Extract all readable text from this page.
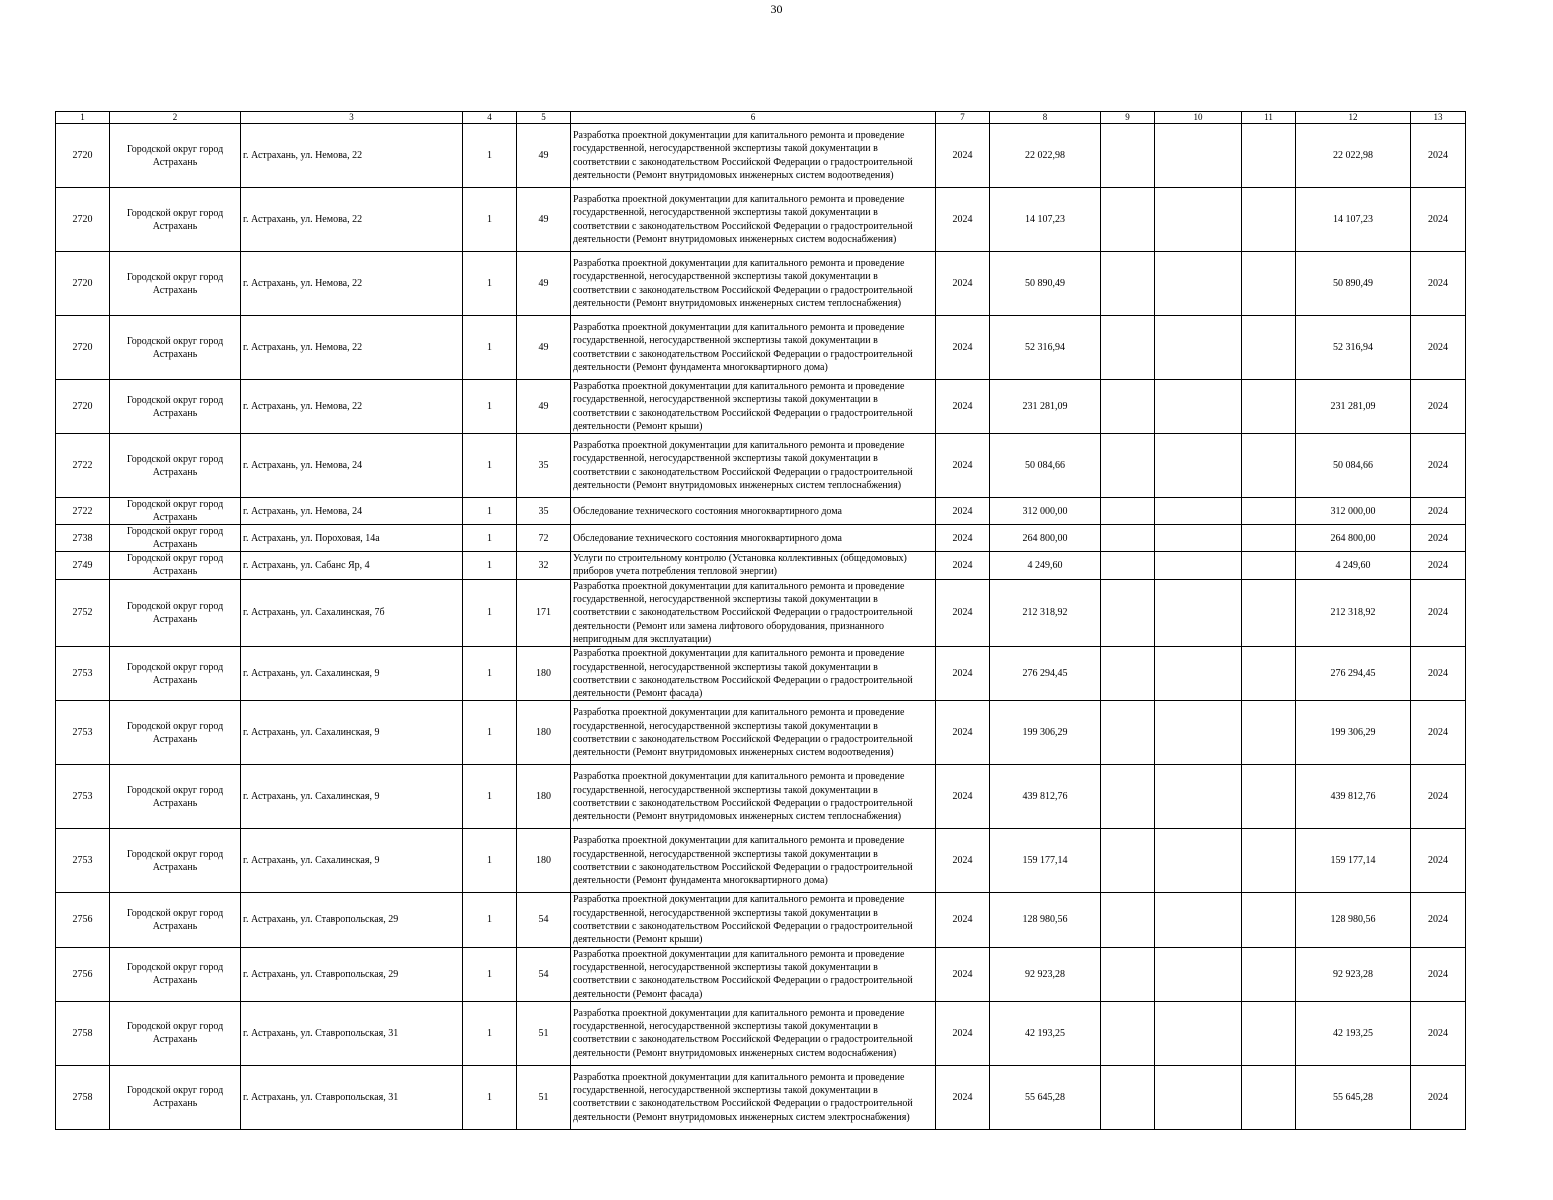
30
1	2	3	4	5	6	7	8	9	10	11	12	13
2720	Городской округ город Астрахань	г. Астрахань, ул. Немова, 22	1	49	Разработка проектной документации для капитального ремонта и проведение государственной, негосударственной экспертизы такой документации в соответствии с законодательством Российской Федерации о градостроительной деятельности (Ремонт внутридомовых инженерных систем водоотведения)	2024	22 022,98				22 022,98	2024
2720	Городской округ город Астрахань	г. Астрахань, ул. Немова, 22	1	49	Разработка проектной документации для капитального ремонта и проведение государственной, негосударственной экспертизы такой документации в соответствии с законодательством Российской Федерации о градостроительной деятельности (Ремонт внутридомовых инженерных систем водоснабжения)	2024	14 107,23				14 107,23	2024
2720	Городской округ город Астрахань	г. Астрахань, ул. Немова, 22	1	49	Разработка проектной документации для капитального ремонта и проведение государственной, негосударственной экспертизы такой документации в соответствии с законодательством Российской Федерации о градостроительной деятельности (Ремонт внутридомовых инженерных систем теплоснабжения)	2024	50 890,49				50 890,49	2024
2720	Городской округ город Астрахань	г. Астрахань, ул. Немова, 22	1	49	Разработка проектной документации для капитального ремонта и проведение государственной, негосударственной экспертизы такой документации в соответствии с законодательством Российской Федерации о градостроительной деятельности (Ремонт фундамента многоквартирного дома)	2024	52 316,94				52 316,94	2024
2720	Городской округ город Астрахань	г. Астрахань, ул. Немова, 22	1	49	Разработка проектной документации для капитального ремонта и проведение государственной, негосударственной экспертизы такой документации в соответствии с законодательством Российской Федерации о градостроительной деятельности (Ремонт крыши)	2024	231 281,09				231 281,09	2024
2722	Городской округ город Астрахань	г. Астрахань, ул. Немова, 24	1	35	Разработка проектной документации для капитального ремонта и проведение государственной, негосударственной экспертизы такой документации в соответствии с законодательством Российской Федерации о градостроительной деятельности (Ремонт внутридомовых инженерных систем теплоснабжения)	2024	50 084,66				50 084,66	2024
2722	Городской округ город Астрахань	г. Астрахань, ул. Немова, 24	1	35	Обследование технического состояния многоквартирного дома	2024	312 000,00				312 000,00	2024
2738	Городской округ город Астрахань	г. Астрахань, ул. Пороховая, 14а	1	72	Обследование технического состояния многоквартирного дома	2024	264 800,00				264 800,00	2024
2749	Городской округ город Астрахань	г. Астрахань, ул. Сабанс Яр, 4	1	32	Услуги по строительному контролю (Установка коллективных (общедомовых) приборов учета потребления тепловой энергии)	2024	4 249,60				4 249,60	2024
2752	Городской округ город Астрахань	г. Астрахань, ул. Сахалинская, 7б	1	171	Разработка проектной документации для капитального ремонта и проведение государственной, негосударственной экспертизы такой документации в соответствии с законодательством Российской Федерации о градостроительной деятельности (Ремонт или замена лифтового оборудования, признанного непригодным для эксплуатации)	2024	212 318,92				212 318,92	2024
2753	Городской округ город Астрахань	г. Астрахань, ул. Сахалинская, 9	1	180	Разработка проектной документации для капитального ремонта и проведение государственной, негосударственной экспертизы такой документации в соответствии с законодательством Российской Федерации о градостроительной деятельности (Ремонт фасада)	2024	276 294,45				276 294,45	2024
2753	Городской округ город Астрахань	г. Астрахань, ул. Сахалинская, 9	1	180	Разработка проектной документации для капитального ремонта и проведение государственной, негосударственной экспертизы такой документации в соответствии с законодательством Российской Федерации о градостроительной деятельности (Ремонт внутридомовых инженерных систем водоотведения)	2024	199 306,29				199 306,29	2024
2753	Городской округ город Астрахань	г. Астрахань, ул. Сахалинская, 9	1	180	Разработка проектной документации для капитального ремонта и проведение государственной, негосударственной экспертизы такой документации в соответствии с законодательством Российской Федерации о градостроительной деятельности (Ремонт внутридомовых инженерных систем теплоснабжения)	2024	439 812,76				439 812,76	2024
2753	Городской округ город Астрахань	г. Астрахань, ул. Сахалинская, 9	1	180	Разработка проектной документации для капитального ремонта и проведение государственной, негосударственной экспертизы такой документации в соответствии с законодательством Российской Федерации о градостроительной деятельности (Ремонт фундамента многоквартирного дома)	2024	159 177,14				159 177,14	2024
2756	Городской округ город Астрахань	г. Астрахань, ул. Ставропольская, 29	1	54	Разработка проектной документации для капитального ремонта и проведение государственной, негосударственной экспертизы такой документации в соответствии с законодательством Российской Федерации о градостроительной деятельности (Ремонт крыши)	2024	128 980,56				128 980,56	2024
2756	Городской округ город Астрахань	г. Астрахань, ул. Ставропольская, 29	1	54	Разработка проектной документации для капитального ремонта и проведение государственной, негосударственной экспертизы такой документации в соответствии с законодательством Российской Федерации о градостроительной деятельности (Ремонт фасада)	2024	92 923,28				92 923,28	2024
2758	Городской округ город Астрахань	г. Астрахань, ул. Ставропольская, 31	1	51	Разработка проектной документации для капитального ремонта и проведение государственной, негосударственной экспертизы такой документации в соответствии с законодательством Российской Федерации о градостроительной деятельности (Ремонт внутридомовых инженерных систем водоснабжения)	2024	42 193,25				42 193,25	2024
2758	Городской округ город Астрахань	г. Астрахань, ул. Ставропольская, 31	1	51	Разработка проектной документации для капитального ремонта и проведение государственной, негосударственной экспертизы такой документации в соответствии с законодательством Российской Федерации о градостроительной деятельности (Ремонт внутридомовых инженерных систем электроснабжения)	2024	55 645,28				55 645,28	2024
